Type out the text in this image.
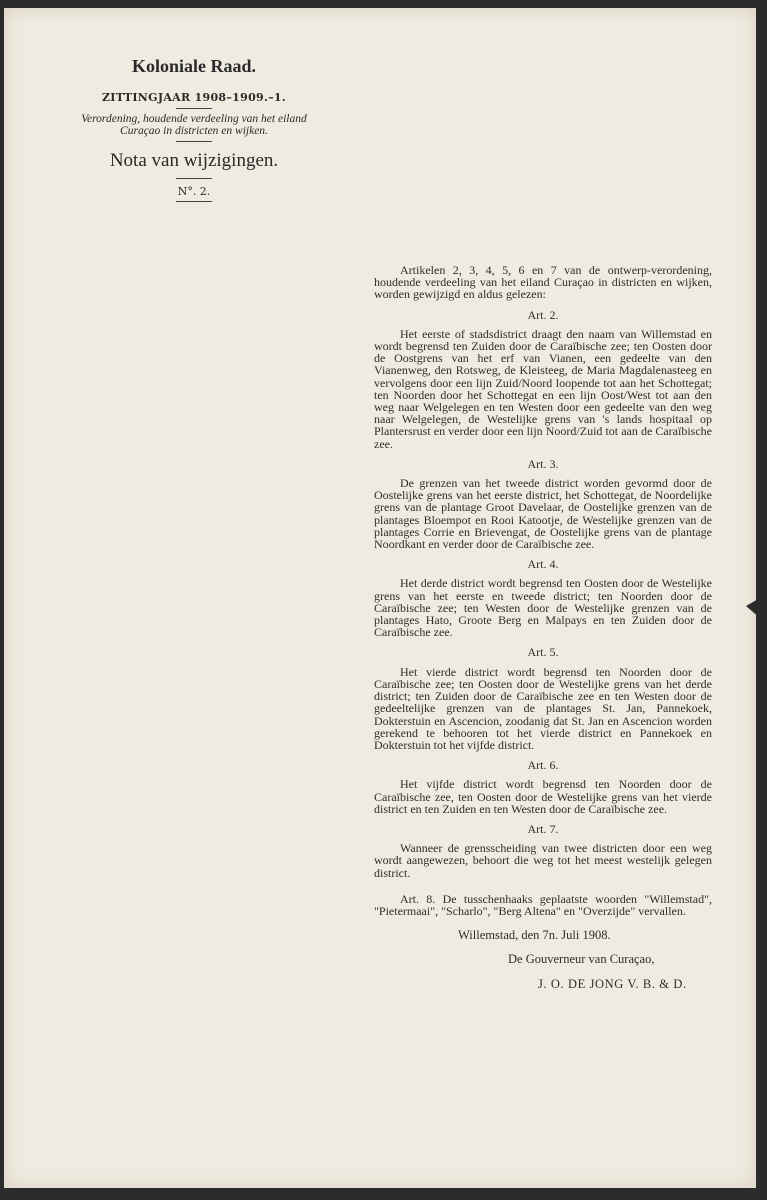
Koloniale Raad.
ZITTINGJAAR 1908–1909.–1.
Verordening, houdende verdeeling van het eiland Curaçao in districten en wijken.
Nota van wijzigingen.
N°. 2.

Artikelen 2, 3, 4, 5, 6 en 7 van de ontwerp-verordening, houdende verdeeling van het eiland Curaçao in districten en wijken, worden gewijzigd en aldus gelezen:

Art. 2.

Het eerste of stadsdistrict draagt den naam van Willemstad en wordt begrensd ten Zuiden door de Caraïbische zee; ten Oosten door de Oostgrens van het erf van Vianen, een gedeelte van den Vianenweg, den Rotsweg, de Kleisteeg, de Maria Magdalenasteeg en vervolgens door een lijn Zuid/Noord loopende tot aan het Schottegat; ten Noorden door het Schottegat en een lijn Oost/West tot aan den weg naar Welgelegen en ten Westen door een gedeelte van den weg naar Welgelegen, de Westelijke grens van 's lands hospitaal op Plantersrust en verder door een lijn Noord/Zuid tot aan de Caraïbische zee.

Art. 3.

De grenzen van het tweede district worden gevormd door de Oostelijke grens van het eerste district, het Schottegat, de Noordelijke grens van de plantage Groot Davelaar, de Oostelijke grenzen van de plantages Bloempot en Rooi Katootje, de Westelijke grenzen van de plantages Corrie en Brievengat, de Oostelijke grens van de plantage Noordkant en verder door de Caraïbische zee.

Art. 4.

Het derde district wordt begrensd ten Oosten door de Westelijke grens van het eerste en tweede district; ten Noorden door de Caraïbische zee; ten Westen door de Westelijke grenzen van de plantages Hato, Groote Berg en Malpays en ten Zuiden door de Caraïbische zee.

Art. 5.

Het vierde district wordt begrensd ten Noorden door de Caraïbische zee; ten Oosten door de Westelijke grens van het derde district; ten Zuiden door de Caraïbische zee en ten Westen door de gedeeltelijke grenzen van de plantages St. Jan, Pannekoek, Dokterstuin en Ascencion, zoodanig dat St. Jan en Ascencion worden gerekend te behooren tot het vierde district en Pannekoek en Dokterstuin tot het vijfde district.

Art. 6.

Het vijfde district wordt begrensd ten Noorden door de Caraïbische zee, ten Oosten door de Westelijke grens van het vierde district en ten Zuiden en ten Westen door de Caraïbische zee.

Art. 7.

Wanneer de grensscheiding van twee districten door een weg wordt aangewezen, behoort die weg tot het meest westelijk gelegen district.

Art. 8. De tusschenhaaks geplaatste woorden "Willemstad", "Pietermaai", "Scharlo", "Berg Altena" en "Overzijde" vervallen.

Willemstad, den 7n. Juli 1908.
De Gouverneur van Curaçao,
J. O. DE JONG V. B. & D.
